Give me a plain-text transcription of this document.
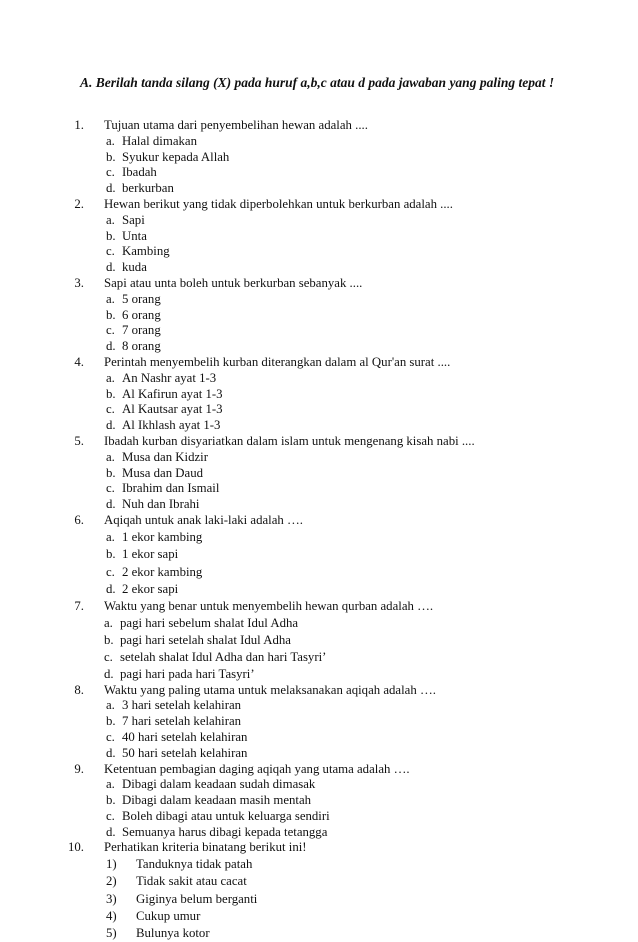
A. Berilah tanda silang (X) pada huruf a,b,c atau d pada jawaban yang paling tepat !
1.	Tujuan utama dari penyembelihan hewan adalah ....
a. Halal dimakan
b. Syukur kepada Allah
c. Ibadah
d. berkurban
2.	Hewan berikut yang tidak diperbolehkan untuk berkurban adalah ....
a. Sapi
b. Unta
c. Kambing
d. kuda
3.	Sapi atau unta boleh untuk berkurban sebanyak ....
a. 5 orang
b. 6 orang
c. 7 orang
d. 8 orang
4.	Perintah menyembelih kurban diterangkan dalam al Qur'an surat ....
a. An Nashr ayat 1-3
b. Al Kafirun ayat 1-3
c. Al Kautsar ayat 1-3
d. Al Ikhlash ayat 1-3
5.	Ibadah kurban disyariatkan dalam islam untuk mengenang kisah nabi ....
a. Musa dan Kidzir
b. Musa dan Daud
c. Ibrahim dan Ismail
d. Nuh dan Ibrahi
6.	Aqiqah untuk anak laki-laki adalah ….
a. 1 ekor kambing
b. 1 ekor sapi
c. 2 ekor kambing
d. 2 ekor sapi
7.	Waktu yang benar untuk menyembelih hewan qurban adalah ….
a. pagi hari sebelum shalat Idul Adha
b. pagi hari setelah shalat Idul Adha
c. setelah shalat Idul Adha dan hari Tasyri’
d. pagi hari pada hari Tasyri’
8.	Waktu yang paling utama untuk melaksanakan aqiqah adalah ….
a. 3 hari setelah kelahiran
b. 7 hari setelah kelahiran
c. 40 hari setelah kelahiran
d. 50 hari setelah kelahiran
9.	Ketentuan pembagian daging aqiqah yang utama adalah ….
a. Dibagi dalam keadaan sudah dimasak
b. Dibagi dalam keadaan masih mentah
c. Boleh dibagi atau untuk keluarga sendiri
d. Semuanya harus dibagi kepada tetangga
10.	Perhatikan kriteria binatang berikut ini!
1)	Tanduknya tidak patah
2)	Tidak sakit atau cacat
3)	Giginya belum berganti
4)	Cukup umur
5)	Bulunya kotor
